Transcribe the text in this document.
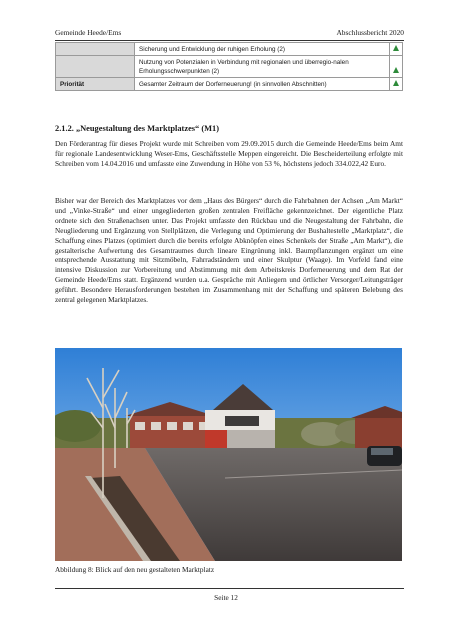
Gemeinde Heede/Ems	Abschlussbericht 2020
	Sicherung und Entwicklung der ruhigen Erholung (2)	
	Nutzung von Potenzialen in Verbindung mit regionalen und überregio-nalen Erholungsschwerpunkten (2)	
Priorität	Gesamter Zeitraum der Dorferneuerung! (in sinnvollen Abschnitten)	
2.1.2. „Neugestaltung des Marktplatzes“ (M1)

Den Förderantrag für dieses Projekt wurde mit Schreiben vom 29.09.2015 durch die Gemeinde Heede/Ems beim Amt für regionale Landesentwicklung Weser-Ems, Geschäftsstelle Meppen eingereicht. Die Bescheiderteilung erfolgte mit Schreiben vom 14.04.2016 und umfasste eine Zuwendung in Höhe von 53 %, höchstens jedoch 334.022,42 Euro.

Bisher war der Bereich des Marktplatzes vor dem „Haus des Bürgers“ durch die Fahrbahnen der Achsen „Am Markt“ und „Vinke-Straße“ und einer ungegliederten großen zentralen Freifläche gekennzeichnet. Der eigentliche Platz ordnete sich den Straßenachsen unter. Das Projekt umfasste den Rückbau und die Neugestaltung der Fahrbahn, die Neugliederung und Ergänzung von Stellplätzen, die Verlegung und Optimierung der Bushaltestelle „Marktplatz“, die Schaffung eines Platzes (optimiert durch die bereits erfolgte Abknöpfen eines Schenkels der Straße „Am Markt“), die gestalterische Aufwertung des Gesamtraumes durch lineare Eingrünung inkl. Baumpflanzungen ergänzt um eine entsprechende Ausstattung mit Sitzmöbeln, Fahrradständern und einer Skulptur (Waage). Im Vorfeld fand eine intensive Diskussion zur Vorbereitung und Abstimmung mit dem Arbeitskreis Dorferneuerung und dem Rat der Gemeinde Heede/Ems statt. Ergänzend wurden u.a. Gespräche mit Anliegern und örtlicher Versorger/Leitungsträger geführt. Besondere Herausforderungen bestehen im Zusammenhang mit der Schaffung und späteren Belebung des zentral gelegenen Marktplatzes.

Abbildung 8: Blick auf den neu gestalteten Marktplatz
Seite 12
